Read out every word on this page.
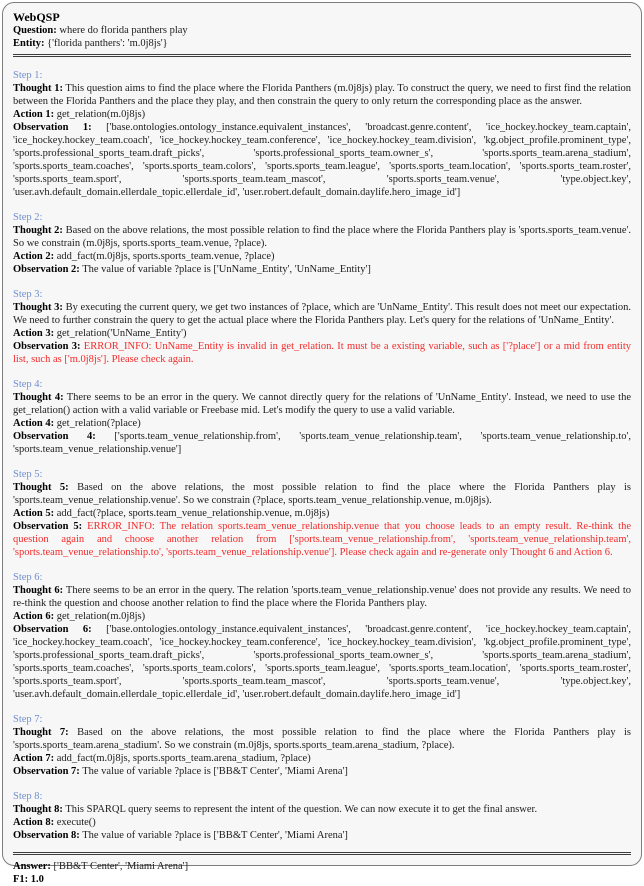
WebQSP

Question: where do florida panthers play

Entity: {'florida panthers': 'm.0j8js'}

Step 1:

Thought 1: This question aims to find the place where the Florida Panthers (m.0j8js) play. To construct the query, we need to first find the relation between the Florida Panthers and the place they play, and then constrain the query to only return the corresponding place as the answer.

Action 1: get_relation(m.0j8js)

Observation 1: ['base.ontologies.ontology_instance.equivalent_instances', 'broadcast.genre.content', 'ice_hockey.hockey_team.captain', 'ice_hockey.hockey_team.coach', 'ice_hockey.hockey_team.conference', 'ice_hockey.hockey_team.division', 'kg.object_profile.prominent_type', 'sports.professional_sports_team.draft_picks', 'sports.professional_sports_team.owner_s', 'sports.sports_team.arena_stadium', 'sports.sports_team.coaches', 'sports.sports_team.colors', 'sports.sports_team.league', 'sports.sports_team.location', 'sports.sports_team.roster', 'sports.sports_team.sport', 'sports.sports_team.team_mascot', 'sports.sports_team.venue', 'type.object.key', 'user.avh.default_domain.ellerdale_topic.ellerdale_id', 'user.robert.default_domain.daylife.hero_image_id']

Step 2:

Thought 2: Based on the above relations, the most possible relation to find the place where the Florida Panthers play is 'sports.sports_team.venue'. So we constrain (m.0j8js, sports.sports_team.venue, ?place).

Action 2: add_fact(m.0j8js, sports.sports_team.venue, ?place)

Observation 2: The value of variable ?place is ['UnName_Entity', 'UnName_Entity']

Step 3:

Thought 3: By executing the current query, we get two instances of ?place, which are 'UnName_Entity'. This result does not meet our expectation. We need to further constrain the query to get the actual place where the Florida Panthers play. Let's query for the relations of 'UnName_Entity'.

Action 3: get_relation('UnName_Entity')

Observation 3: ERROR_INFO: UnName_Entity is invalid in get_relation. It must be a existing variable, such as ['?place'] or a mid from entity list, such as ['m.0j8js']. Please check again.

Step 4:

Thought 4: There seems to be an error in the query. We cannot directly query for the relations of 'UnName_Entity'. Instead, we need to use the get_relation() action with a valid variable or Freebase mid. Let's modify the query to use a valid variable.

Action 4: get_relation(?place)

Observation 4: ['sports.team_venue_relationship.from', 'sports.team_venue_relationship.team', 'sports.team_venue_relationship.to', 'sports.team_venue_relationship.venue']

Step 5:

Thought 5: Based on the above relations, the most possible relation to find the place where the Florida Panthers play is 'sports.team_venue_relationship.venue'. So we constrain (?place, sports.team_venue_relationship.venue, m.0j8js).

Action 5: add_fact(?place, sports.team_venue_relationship.venue, m.0j8js)

Observation 5: ERROR_INFO: The relation sports.team_venue_relationship.venue that you choose leads to an empty result. Re-think the question again and choose another relation from ['sports.team_venue_relationship.from', 'sports.team_venue_relationship.team', 'sports.team_venue_relationship.to', 'sports.team_venue_relationship.venue']. Please check again and re-generate only Thought 6 and Action 6.

Step 6:

Thought 6: There seems to be an error in the query. The relation 'sports.team_venue_relationship.venue' does not provide any results. We need to re-think the question and choose another relation to find the place where the Florida Panthers play.

Action 6: get_relation(m.0j8js)

Observation 6: ['base.ontologies.ontology_instance.equivalent_instances', 'broadcast.genre.content', 'ice_hockey.hockey_team.captain', 'ice_hockey.hockey_team.coach', 'ice_hockey.hockey_team.conference', 'ice_hockey.hockey_team.division', 'kg.object_profile.prominent_type', 'sports.professional_sports_team.draft_picks', 'sports.professional_sports_team.owner_s', 'sports.sports_team.arena_stadium', 'sports.sports_team.coaches', 'sports.sports_team.colors', 'sports.sports_team.league', 'sports.sports_team.location', 'sports.sports_team.roster', 'sports.sports_team.sport', 'sports.sports_team.team_mascot', 'sports.sports_team.venue', 'type.object.key', 'user.avh.default_domain.ellerdale_topic.ellerdale_id', 'user.robert.default_domain.daylife.hero_image_id']

Step 7:

Thought 7: Based on the above relations, the most possible relation to find the place where the Florida Panthers play is 'sports.sports_team.arena_stadium'. So we constrain (m.0j8js, sports.sports_team.arena_stadium, ?place).

Action 7: add_fact(m.0j8js, sports.sports_team.arena_stadium, ?place)

Observation 7: The value of variable ?place is ['BB&T Center', 'Miami Arena']

Step 8:

Thought 8: This SPARQL query seems to represent the intent of the question. We can now execute it to get the final answer.

Action 8: execute()

Observation 8: The value of variable ?place is ['BB&T Center', 'Miami Arena']

Answer: ['BB&T Center', 'Miami Arena']

F1: 1.0
